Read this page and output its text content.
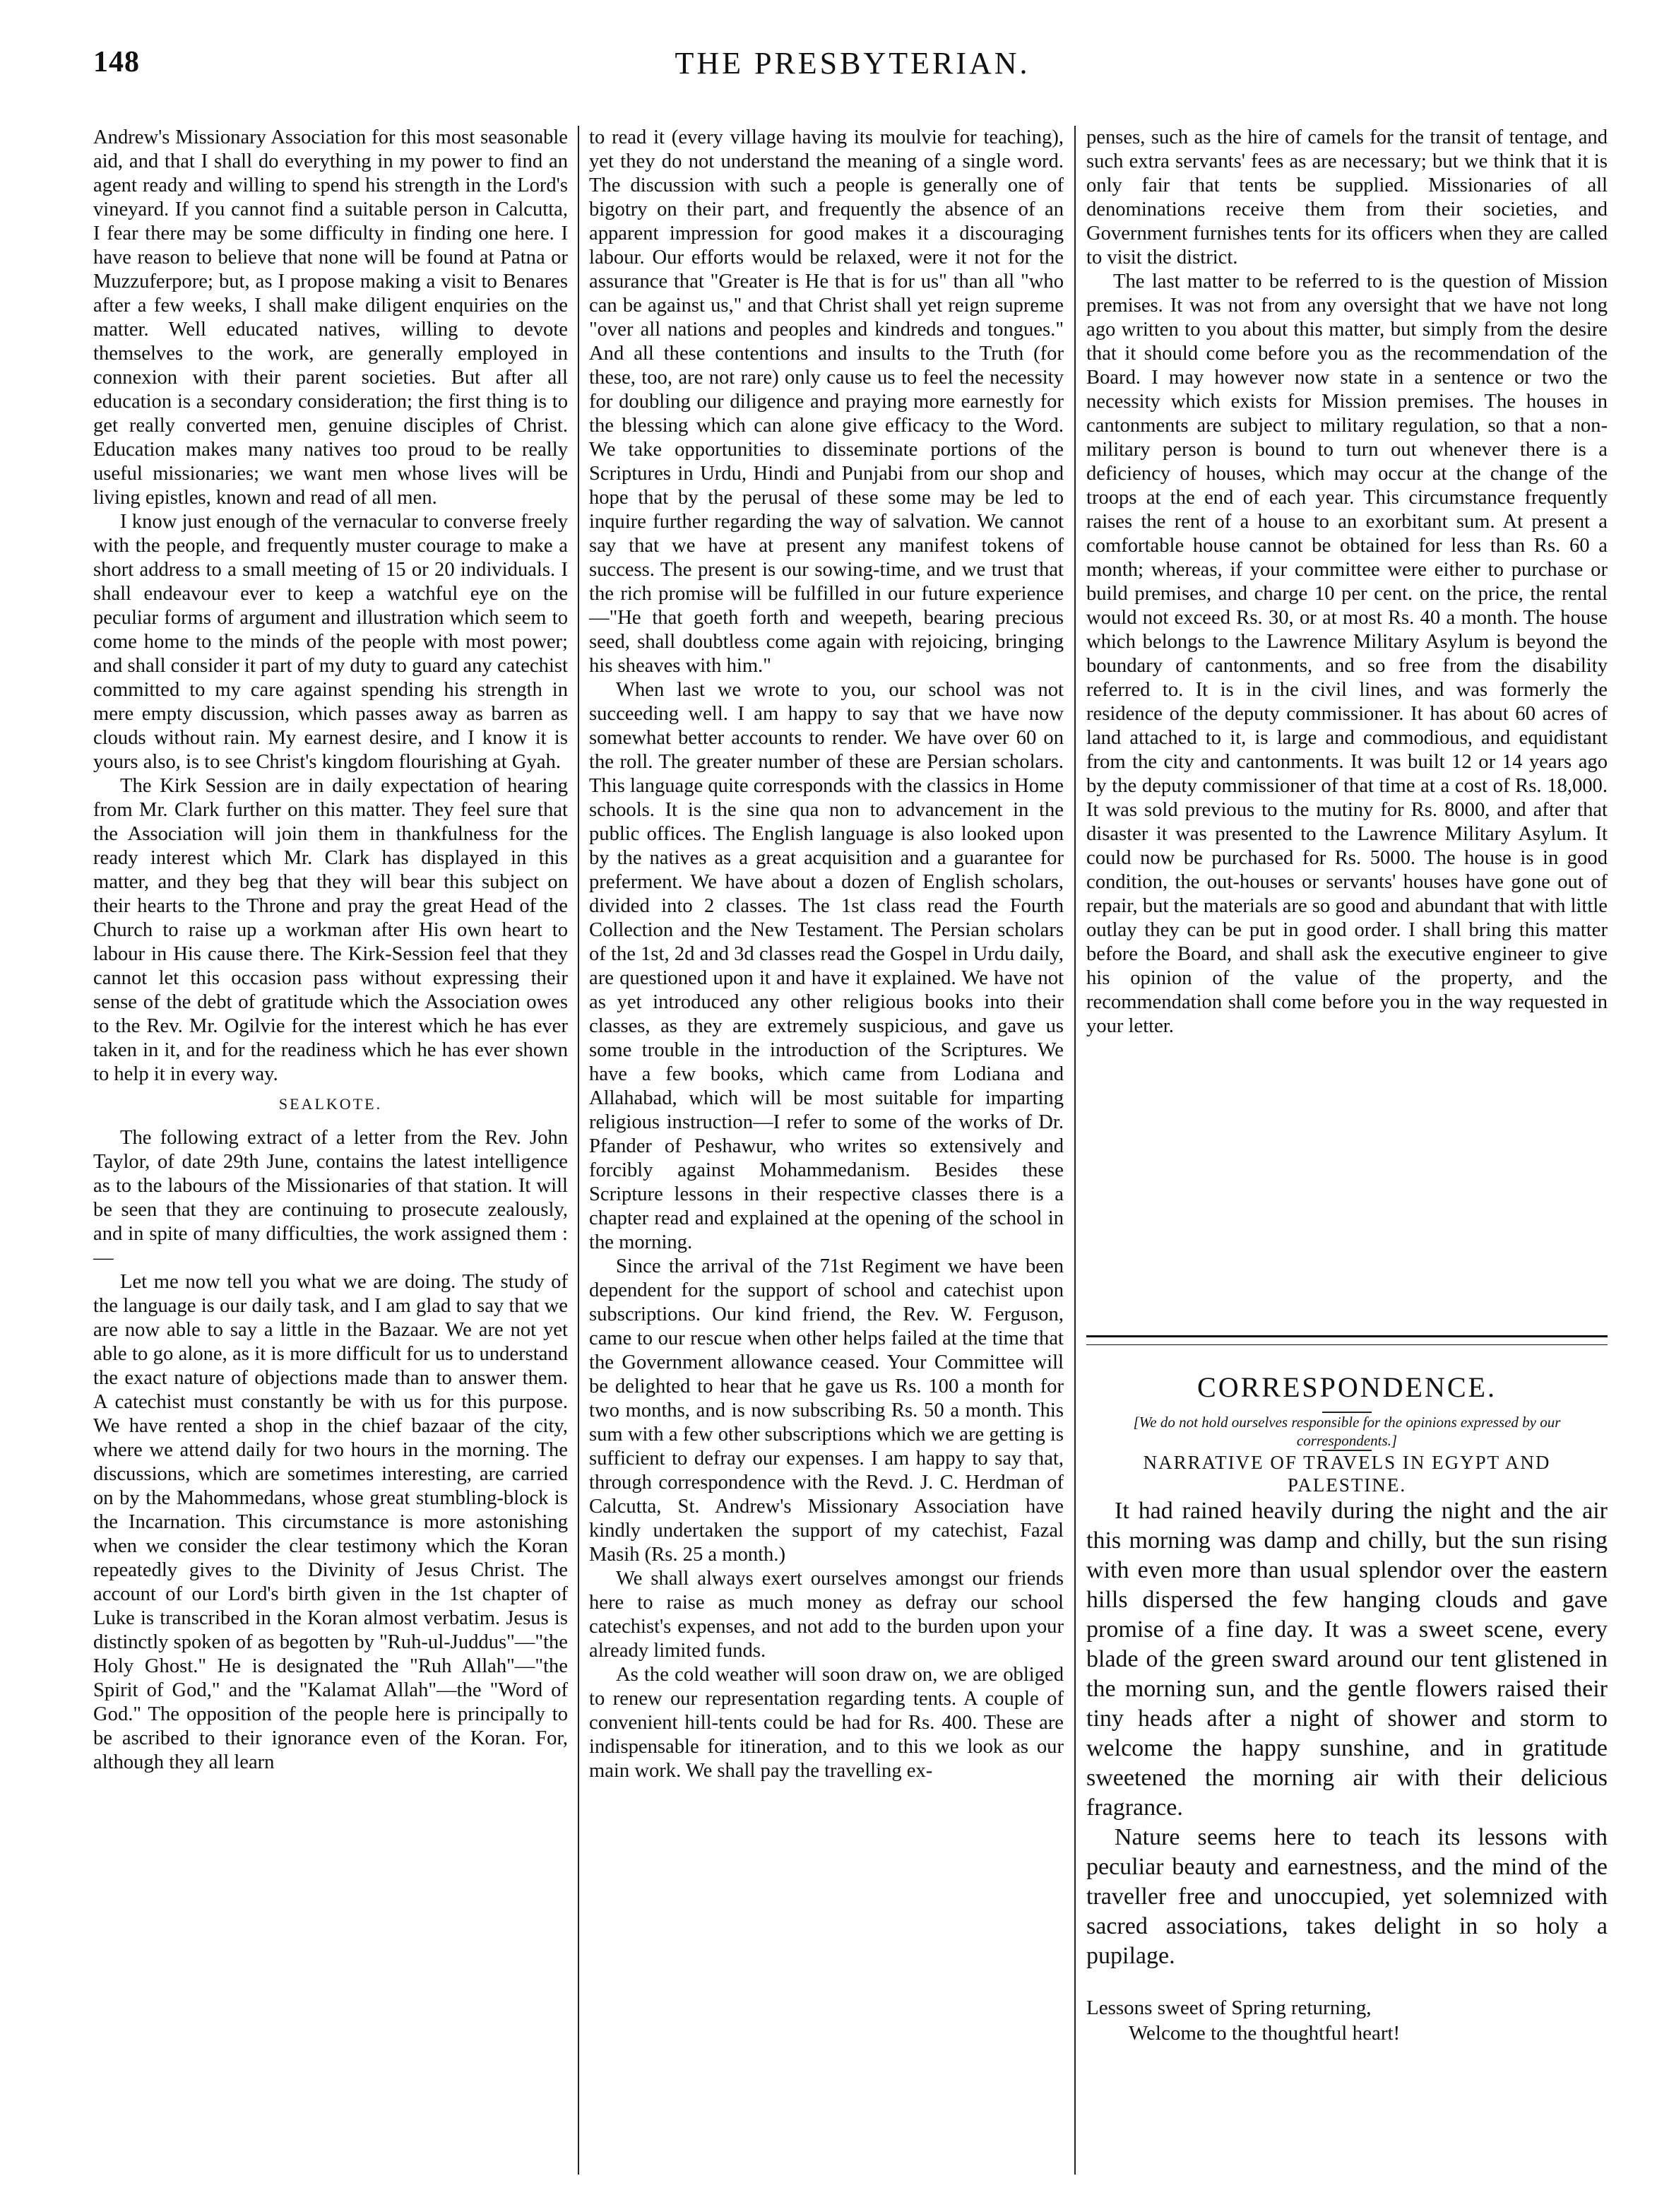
148	THE PRESBYTERIAN.

Andrew's Missionary Association for this most seasonable aid, and that I shall do everything in my power to find an agent ready and willing to spend his strength in the Lord's vineyard. If you cannot find a suitable person in Calcutta, I fear there may be some difficulty in finding one here. I have reason to believe that none will be found at Patna or Muzzuferpore; but, as I propose making a visit to Benares after a few weeks, I shall make diligent enquiries on the matter. Well educated natives, willing to devote themselves to the work, are generally employed in connexion with their parent societies. But after all education is a secondary consideration; the first thing is to get really converted men, genuine disciples of Christ. Education makes many natives too proud to be really useful missionaries; we want men whose lives will be living epistles, known and read of all men.

I know just enough of the vernacular to converse freely with the people, and frequently muster courage to make a short address to a small meeting of 15 or 20 individuals. I shall endeavour ever to keep a watchful eye on the peculiar forms of argument and illustration which seem to come home to the minds of the people with most power; and shall consider it part of my duty to guard any catechist committed to my care against spending his strength in mere empty discussion, which passes away as barren as clouds without rain. My earnest desire, and I know it is yours also, is to see Christ's kingdom flourishing at Gyah.

The Kirk Session are in daily expectation of hearing from Mr. Clark further on this matter. They feel sure that the Association will join them in thankfulness for the ready interest which Mr. Clark has displayed in this matter, and they beg that they will bear this subject on their hearts to the Throne and pray the great Head of the Church to raise up a workman after His own heart to labour in His cause there. The Kirk-Session feel that they cannot let this occasion pass without expressing their sense of the debt of gratitude which the Association owes to the Rev. Mr. Ogilvie for the interest which he has ever taken in it, and for the readiness which he has ever shown to help it in every way.

SEALKOTE.

The following extract of a letter from the Rev. John Taylor, of date 29th June, contains the latest intelligence as to the labours of the Missionaries of that station. It will be seen that they are continuing to prosecute zealously, and in spite of many difficulties, the work assigned them :—

Let me now tell you what we are doing. The study of the language is our daily task, and I am glad to say that we are now able to say a little in the Bazaar. We are not yet able to go alone, as it is more difficult for us to understand the exact nature of objections made than to answer them. A catechist must constantly be with us for this purpose. We have rented a shop in the chief bazaar of the city, where we attend daily for two hours in the morning. The discussions, which are sometimes interesting, are carried on by the Mahommedans, whose great stumbling-block is the Incarnation. This circumstance is more astonishing when we consider the clear testimony which the Koran repeatedly gives to the Divinity of Jesus Christ. The account of our Lord's birth given in the 1st chapter of Luke is transcribed in the Koran almost verbatim. Jesus is distinctly spoken of as begotten by "Ruh-ul-Juddus"—"the Holy Ghost." He is designated the "Ruh Allah"—"the Spirit of God," and the "Kalamat Allah"—the "Word of God." The opposition of the people here is principally to be ascribed to their ignorance even of the Koran. For, although they all learn

to read it (every village having its moulvie for teaching), yet they do not understand the meaning of a single word. The discussion with such a people is generally one of bigotry on their part, and frequently the absence of an apparent impression for good makes it a discouraging labour. Our efforts would be relaxed, were it not for the assurance that "Greater is He that is for us" than all "who can be against us," and that Christ shall yet reign supreme "over all nations and peoples and kindreds and tongues." And all these contentions and insults to the Truth (for these, too, are not rare) only cause us to feel the necessity for doubling our diligence and praying more earnestly for the blessing which can alone give efficacy to the Word. We take opportunities to disseminate portions of the Scriptures in Urdu, Hindi and Punjabi from our shop and hope that by the perusal of these some may be led to inquire further regarding the way of salvation. We cannot say that we have at present any manifest tokens of success. The present is our sowing-time, and we trust that the rich promise will be fulfilled in our future experience—"He that goeth forth and weepeth, bearing precious seed, shall doubtless come again with rejoicing, bringing his sheaves with him."

When last we wrote to you, our school was not succeeding well. I am happy to say that we have now somewhat better accounts to render. We have over 60 on the roll. The greater number of these are Persian scholars. This language quite corresponds with the classics in Home schools. It is the sine qua non to advancement in the public offices. The English language is also looked upon by the natives as a great acquisition and a guarantee for preferment. We have about a dozen of English scholars, divided into 2 classes. The 1st class read the Fourth Collection and the New Testament. The Persian scholars of the 1st, 2d and 3d classes read the Gospel in Urdu daily, are questioned upon it and have it explained. We have not as yet introduced any other religious books into their classes, as they are extremely suspicious, and gave us some trouble in the introduction of the Scriptures. We have a few books, which came from Lodiana and Allahabad, which will be most suitable for imparting religious instruction—I refer to some of the works of Dr. Pfander of Peshawur, who writes so extensively and forcibly against Mohammedanism. Besides these Scripture lessons in their respective classes there is a chapter read and explained at the opening of the school in the morning.

Since the arrival of the 71st Regiment we have been dependent for the support of school and catechist upon subscriptions. Our kind friend, the Rev. W. Ferguson, came to our rescue when other helps failed at the time that the Government allowance ceased. Your Committee will be delighted to hear that he gave us Rs. 100 a month for two months, and is now subscribing Rs. 50 a month. This sum with a few other subscriptions which we are getting is sufficient to defray our expenses. I am happy to say that, through correspondence with the Revd. J. C. Herdman of Calcutta, St. Andrew's Missionary Association have kindly undertaken the support of my catechist, Fazal Masih (Rs. 25 a month.)

We shall always exert ourselves amongst our friends here to raise as much money as defray our school catechist's expenses, and not add to the burden upon your already limited funds.

As the cold weather will soon draw on, we are obliged to renew our representation regarding tents. A couple of convenient hill-tents could be had for Rs. 400. These are indispensable for itineration, and to this we look as our main work. We shall pay the travelling ex-

penses, such as the hire of camels for the transit of tentage, and such extra servants' fees as are necessary; but we think that it is only fair that tents be supplied. Missionaries of all denominations receive them from their societies, and Government furnishes tents for its officers when they are called to visit the district.

The last matter to be referred to is the question of Mission premises. It was not from any oversight that we have not long ago written to you about this matter, but simply from the desire that it should come before you as the recommendation of the Board. I may however now state in a sentence or two the necessity which exists for Mission premises. The houses in cantonments are subject to military regulation, so that a non-military person is bound to turn out whenever there is a deficiency of houses, which may occur at the change of the troops at the end of each year. This circumstance frequently raises the rent of a house to an exorbitant sum. At present a comfortable house cannot be obtained for less than Rs. 60 a month; whereas, if your committee were either to purchase or build premises, and charge 10 per cent. on the price, the rental would not exceed Rs. 30, or at most Rs. 40 a month. The house which belongs to the Lawrence Military Asylum is beyond the boundary of cantonments, and so free from the disability referred to. It is in the civil lines, and was formerly the residence of the deputy commissioner. It has about 60 acres of land attached to it, is large and commodious, and equidistant from the city and cantonments. It was built 12 or 14 years ago by the deputy commissioner of that time at a cost of Rs. 18,000. It was sold previous to the mutiny for Rs. 8000, and after that disaster it was presented to the Lawrence Military Asylum. It could now be purchased for Rs. 5000. The house is in good condition, the out-houses or servants' houses have gone out of repair, but the materials are so good and abundant that with little outlay they can be put in good order. I shall bring this matter before the Board, and shall ask the executive engineer to give his opinion of the value of the property, and the recommendation shall come before you in the way requested in your letter.

CORRESPONDENCE.

[We do not hold ourselves responsible for the opinions expressed by our correspondents.]

NARRATIVE OF TRAVELS IN EGYPT AND PALESTINE.

It had rained heavily during the night and the air this morning was damp and chilly, but the sun rising with even more than usual splendor over the eastern hills dispersed the few hanging clouds and gave promise of a fine day. It was a sweet scene, every blade of the green sward around our tent glistened in the morning sun, and the gentle flowers raised their tiny heads after a night of shower and storm to welcome the happy sunshine, and in gratitude sweetened the morning air with their delicious fragrance.

Nature seems here to teach its lessons with peculiar beauty and earnestness, and the mind of the traveller free and unoccupied, yet solemnized with sacred associations, takes delight in so holy a pupilage.

Lessons sweet of Spring returning,
Welcome to the thoughtful heart!
